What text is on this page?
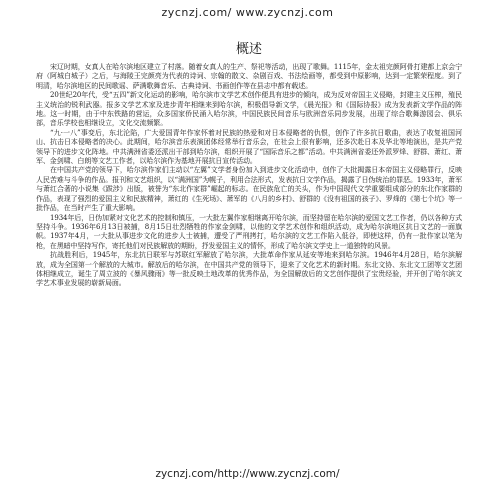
zycnzj.com/ www.zycnzj.com
概述

宋辽时期，女真人在哈尔滨地区建立了村落。随着女真人的生产、祭祀等活动，出现了歌舞。1115年，金太祖完颜阿骨打建都上京会宁府（阿城白城子）之后，与海陵王完颜亮为代表的诗词、宗翰的散文、杂剧百戏、书法绘画等，都受到中原影响，达到一定繁荣程度。到了明清，哈尔滨地区的民间歌谣、萨满歌舞音乐、古典诗词、书画创作等在县志中都有载述。

20世纪20年代，受“五四”新文化运动的影响，哈尔滨市文学艺术创作便具有进步的倾向，成为反对帝国主义侵略，封建主义压榨，殖民主义统治的锐利武器。报多文学艺术家及进步青年相继来到哈尔滨，积极倡导新文学，《晨光报》和《国际协报》成为发表新文学作品的阵地。这一时期，由于中东铁路的营运，众多国家侨民涌入哈尔滨，中国民族民间音乐与欧洲音乐同步发展，出现了综合歌舞游园会、俱乐部，音乐学校也相继设立，文化交流频繁。

“九·一八”事变后，东北沦陷，广大爱国青年作家怀着对民族的热爱和对日本侵略者的仇恨，创作了许多抗日歌曲，表达了收复祖国河山、抗击日本侵略者的决心。此期间，哈尔滨音乐表演团体经常举行音乐会，在社会上很有影响，还多次赴日本及华北等地演出，是共产党领导下的进步文化阵地。中共满洲省委还派出干部到哈尔滨，组织开展了“国际音乐之都”活动。中共满洲省委还外派罗烽、舒群、萧红、萧军、金剑啸、白朗等文艺工作者，以哈尔滨作为基地开展抗日宣传活动。

在中国共产党的领导下，哈尔滨作家们主动以“左翼”文学者身份加入到进步文化活动中，创作了大批揭露日本帝国主义侵略罪行，反映人民苦难与斗争的作品。报刊和文艺组织，以“满洲国”为幌子，利用合法形式，发表抗日文学作品，揭露了日伪统治的罪恶。1933年，萧军与萧红合著的小说集《跋涉》出版，被誉为“东北作家群”崛起的标志。在民族危亡的关头，作为中国现代文学重要组成部分的东北作家群的作品，表现了强烈的爱国主义和民族精神，萧红的《生死场》、萧军的《八月的乡村》、舒群的《没有祖国的孩子》、罗烽的《第七个坑》等一批作品，在当时产生了重大影响。

1934年后，日伪加紧对文化艺术的控制和镇压，一大批左翼作家相继离开哈尔滨，而坚持留在哈尔滨的爱国文艺工作者，仍以各种方式坚持斗争。1936年6月13日被捕，8月15日壮烈牺牲的作家金剑啸，以他的文学艺术创作和组织活动，成为哈尔滨地区抗日文艺的一面旗帜。1937年4月，一大批从事进步文化的进步人士被捕，遭受了严刑拷打，哈尔滨的文艺工作陷入低谷，即使这样，仍有一批作家以笔为枪，在黑暗中坚持写作，寄托他们对民族解放的期盼，抒发爱国主义的情怀，形成了哈尔滨文学史上一道独特的风景。

抗战胜利后，1945年，东北抗日联军与苏联红军解放了哈尔滨，大批革命作家从延安等地来到哈尔滨。1946年4月28日，哈尔滨解放，成为全国第一个解放的大城市。解放后的哈尔滨，在中国共产党的领导下，迎来了文化艺术的新时期。东北文协、东北文工团等文艺团体相继成立，诞生了周立波的《暴风骤雨》等一批反映土地改革的优秀作品，为全国解放后的文艺创作提供了宝贵经验，并开创了哈尔滨文学艺术事业发展的崭新局面。

zycnzj.com/http://www.zycnzj.com/
